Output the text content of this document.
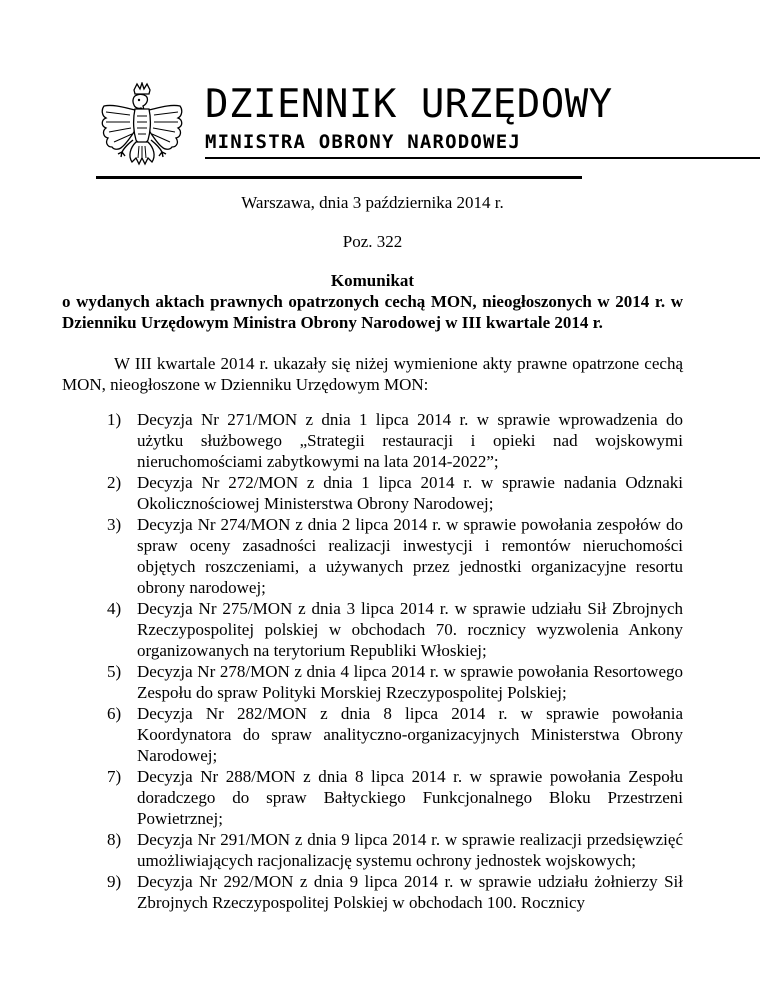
DZIENNIK URZĘDOWY
MINISTRA OBRONY NARODOWEJ

Warszawa, dnia 3 października 2014 r.

Poz. 322

Komunikat
o wydanych aktach prawnych opatrzonych cechą MON, nieogłoszonych w 2014 r. w Dzienniku Urzędowym Ministra Obrony Narodowej w III kwartale 2014 r.

W III kwartale 2014 r. ukazały się niżej wymienione akty prawne opatrzone cechą MON, nieogłoszone w Dzienniku Urzędowym MON:

1) Decyzja Nr 271/MON z dnia 1 lipca 2014 r. w sprawie wprowadzenia do użytku służbowego „Strategii restauracji i opieki nad wojskowymi nieruchomościami zabytkowymi na lata 2014-2022”;
2) Decyzja Nr 272/MON z dnia 1 lipca 2014 r. w sprawie nadania Odznaki Okolicznościowej Ministerstwa Obrony Narodowej;
3) Decyzja Nr 274/MON z dnia 2 lipca 2014 r. w sprawie powołania zespołów do spraw oceny zasadności realizacji inwestycji i remontów nieruchomości objętych roszczeniami, a używanych przez jednostki organizacyjne resortu obrony narodowej;
4) Decyzja Nr 275/MON z dnia 3 lipca 2014 r. w sprawie udziału Sił Zbrojnych Rzeczypospolitej polskiej w obchodach 70. rocznicy wyzwolenia Ankony organizowanych na terytorium Republiki Włoskiej;
5) Decyzja Nr 278/MON z dnia 4 lipca 2014 r. w sprawie powołania Resortowego Zespołu do spraw Polityki Morskiej Rzeczypospolitej Polskiej;
6) Decyzja Nr 282/MON z dnia 8 lipca 2014 r. w sprawie powołania Koordynatora do spraw analityczno-organizacyjnych Ministerstwa Obrony Narodowej;
7) Decyzja Nr 288/MON z dnia 8 lipca 2014 r. w sprawie powołania Zespołu doradczego do spraw Bałtyckiego Funkcjonalnego Bloku Przestrzeni Powietrznej;
8) Decyzja Nr 291/MON z dnia 9 lipca 2014 r. w sprawie realizacji przedsięwzięć umożliwiających racjonalizację systemu ochrony jednostek wojskowych;
9) Decyzja Nr 292/MON z dnia 9 lipca 2014 r. w sprawie udziału żołnierzy Sił Zbrojnych Rzeczypospolitej Polskiej w obchodach 100. Rocznicy
